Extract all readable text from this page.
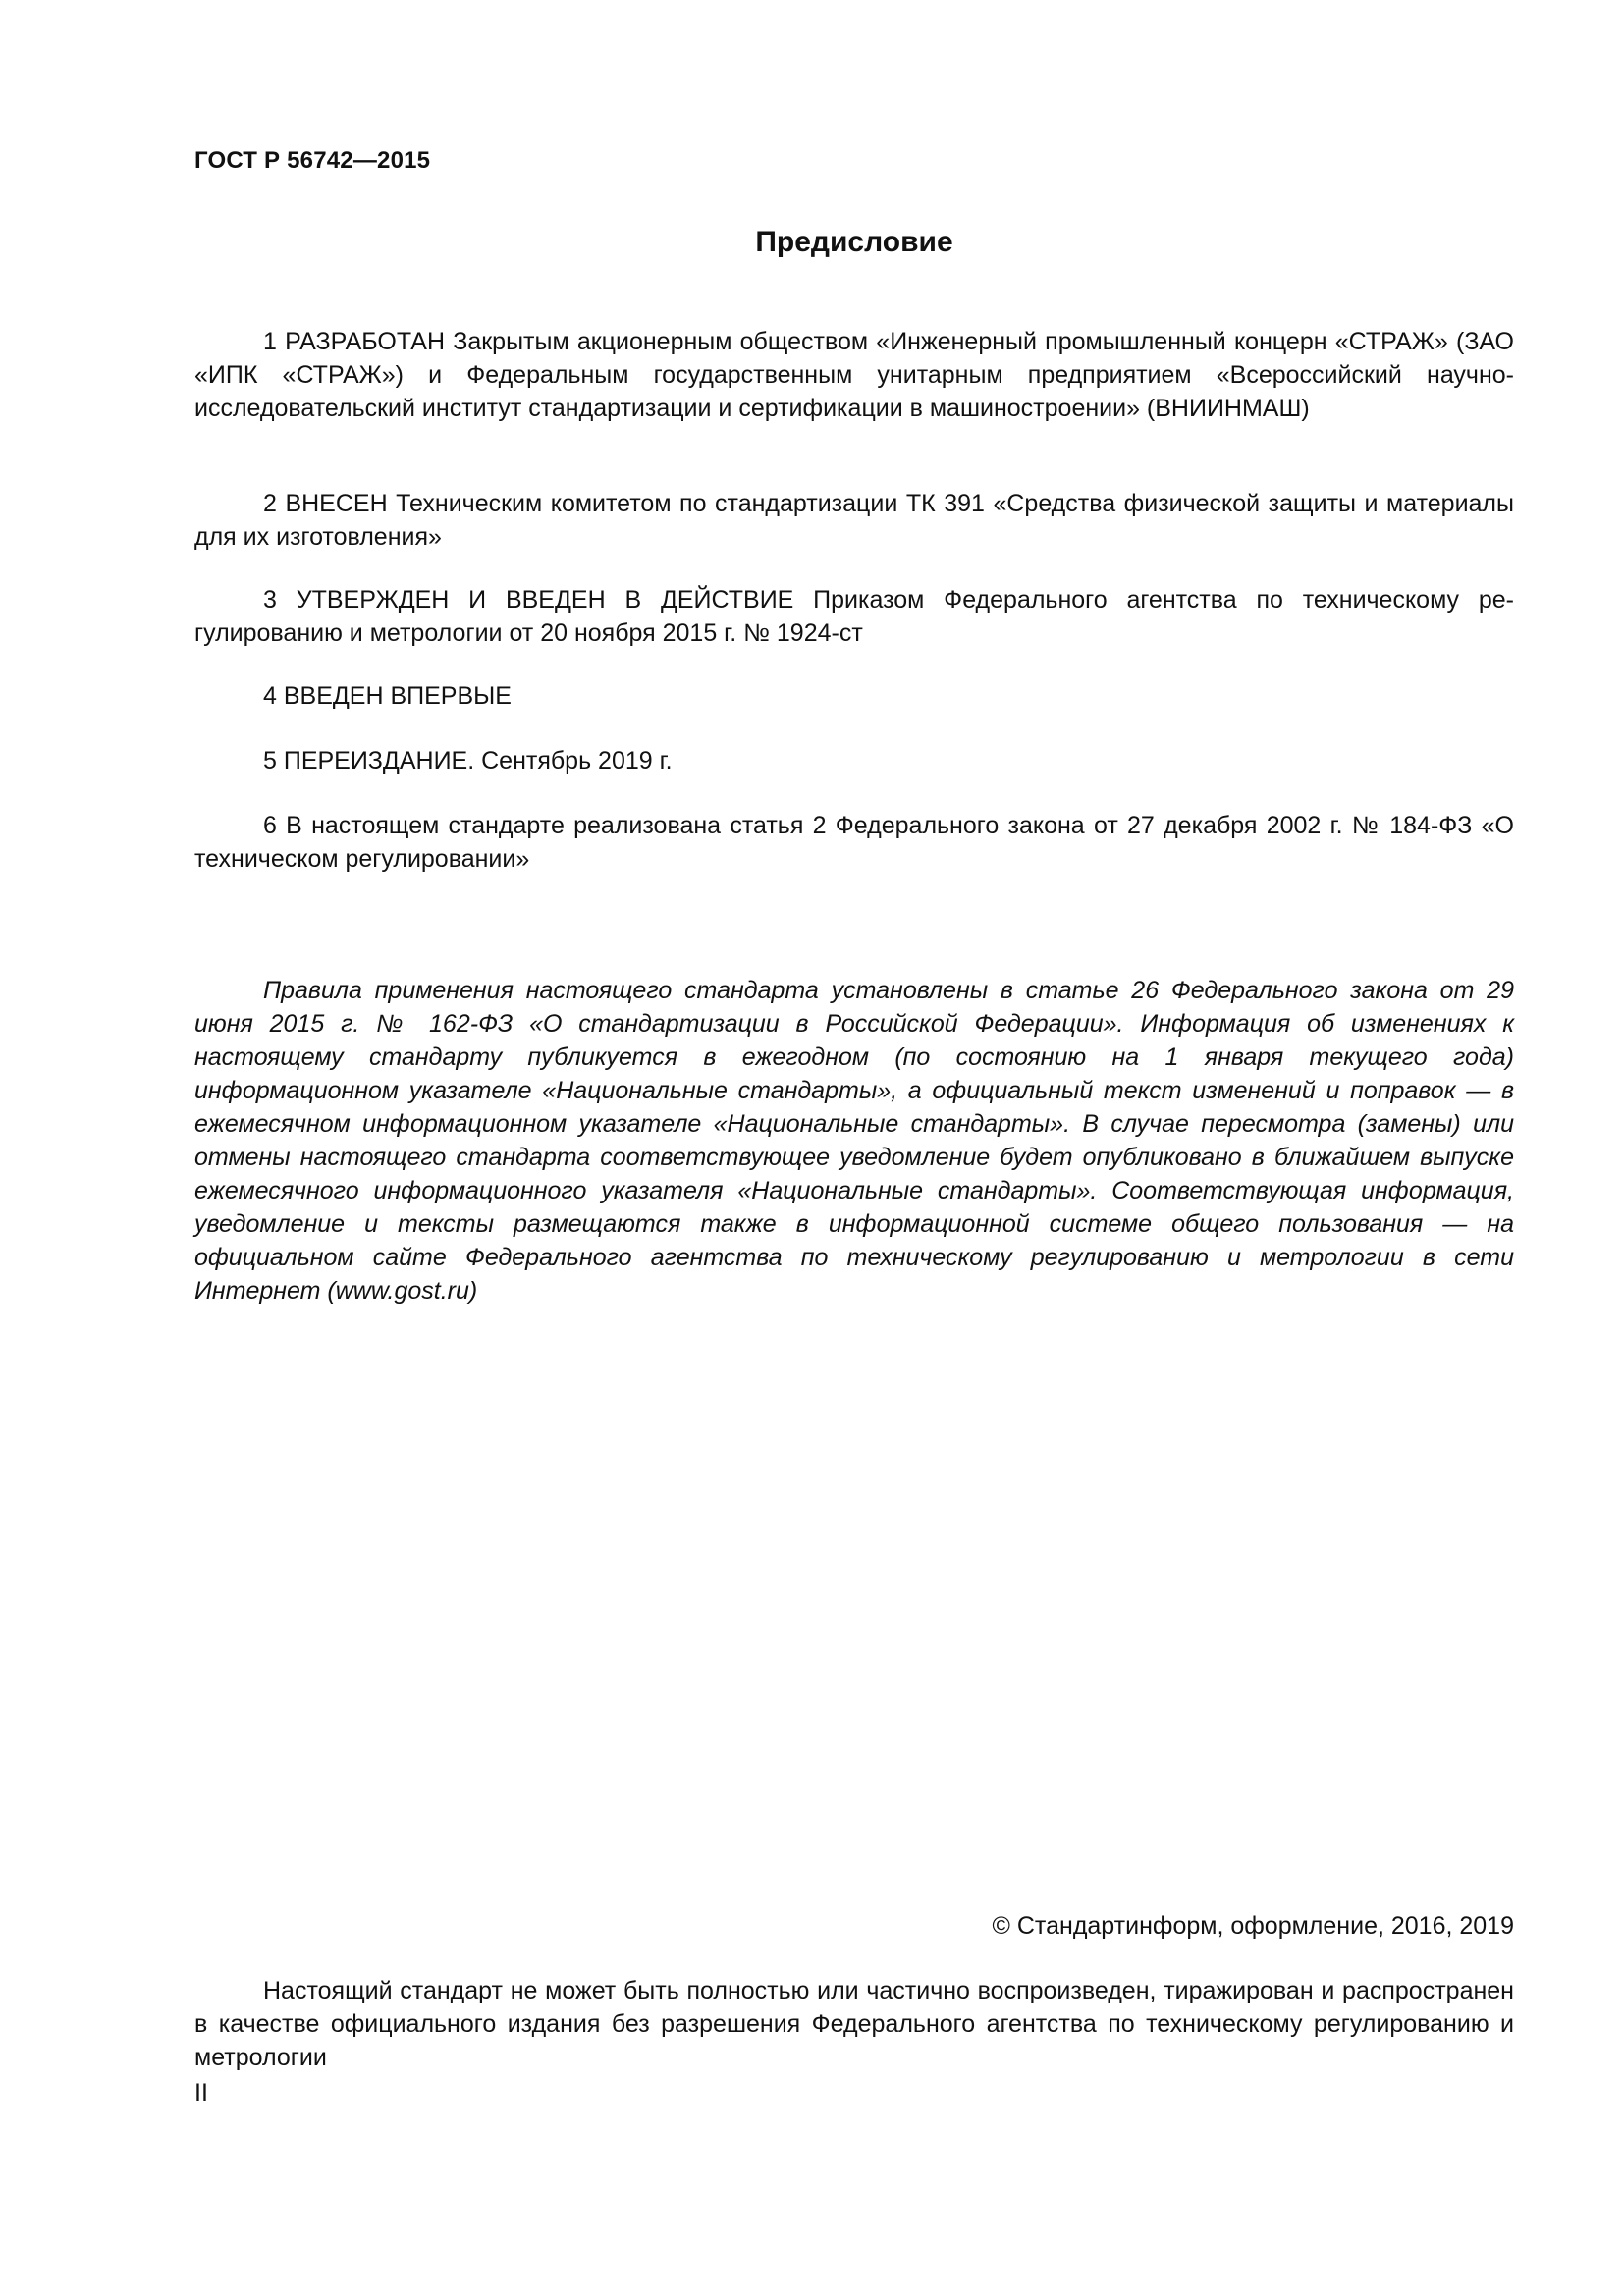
ГОСТ Р 56742—2015
Предисловие

1 РАЗРАБОТАН Закрытым акционерным обществом «Инженерный промышленный концерн «СТРАЖ» (ЗАО «ИПК «СТРАЖ») и Федеральным государственным унитарным предприятием «Всероссийский научно-исследовательский институт стандартизации и сертификации в машиностроении» (ВНИИНМАШ)

2 ВНЕСЕН Техническим комитетом по стандартизации ТК 391 «Средства физической защиты и материалы для их изготовления»

3 УТВЕРЖДЕН И ВВЕДЕН В ДЕЙСТВИЕ Приказом Федерального агентства по техническому регулированию и метрологии от 20 ноября 2015 г. № 1924-ст

4 ВВЕДЕН ВПЕРВЫЕ

5 ПЕРЕИЗДАНИЕ. Сентябрь 2019 г.

6 В настоящем стандарте реализована статья 2 Федерального закона от 27 декабря 2002 г. № 184-ФЗ «О техническом регулировании»

Правила применения настоящего стандарта установлены в статье 26 Федерального закона от 29 июня 2015 г. № 162-ФЗ «О стандартизации в Российской Федерации». Информация об изменениях к настоящему стандарту публикуется в ежегодном (по состоянию на 1 января текущего года) информационном указателе «Национальные стандарты», а официальный текст изменений и поправок — в ежемесячном информационном указателе «Национальные стандарты». В случае пересмотра (замены) или отмены настоящего стандарта соответствующее уведомление будет опубликовано в ближайшем выпуске ежемесячного информационного указателя «Национальные стандарты». Соответствующая информация, уведомление и тексты размещаются также в информационной системе общего пользования — на официальном сайте Федерального агентства по техническому регулированию и метрологии в сети Интернет (www.gost.ru)

© Стандартинформ, оформление, 2016, 2019

Настоящий стандарт не может быть полностью или частично воспроизведен, тиражирован и распространен в качестве официального издания без разрешения Федерального агентства по техническому регулированию и метрологии

II
